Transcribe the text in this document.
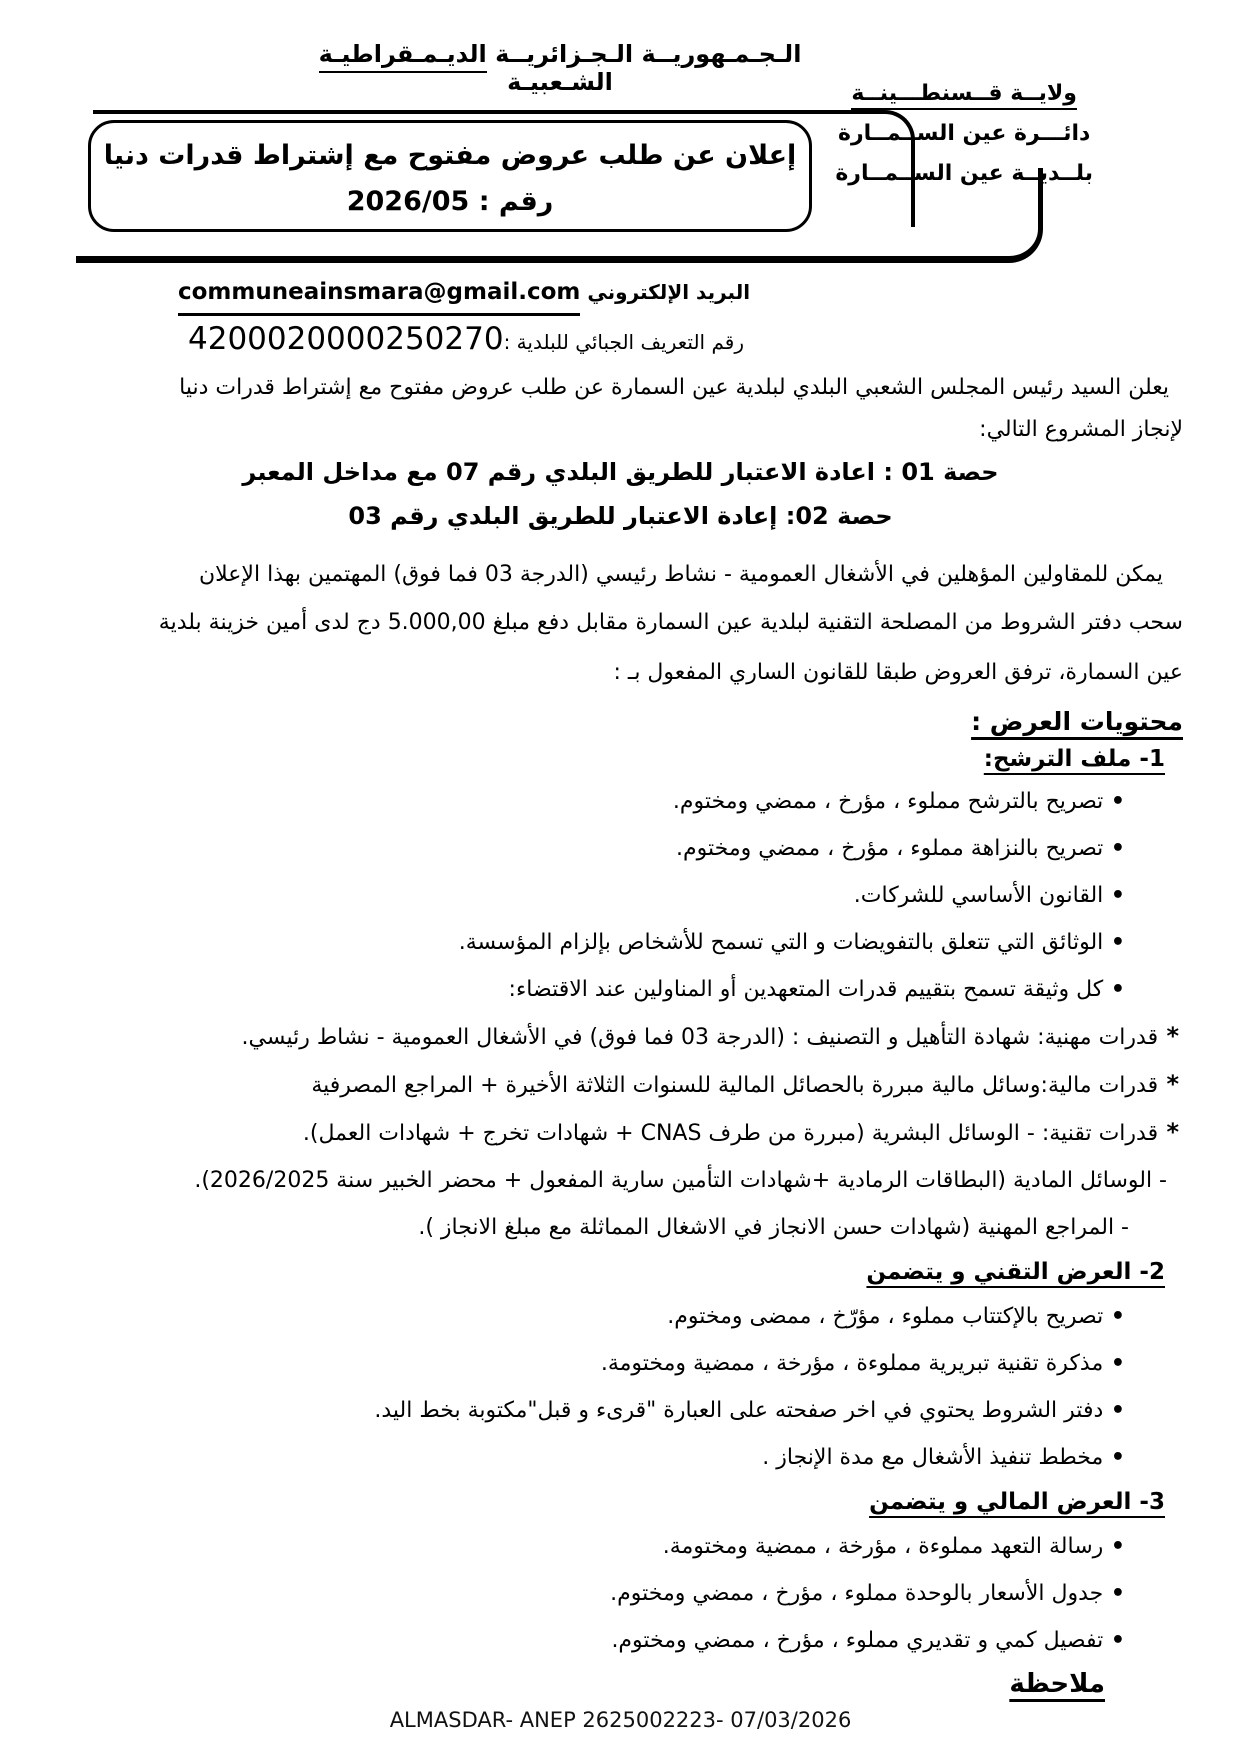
الـجـمـهوريــة الـجـزائريــة الديـمـقراطيـة الشـعبيـة	ولايــة قــسنطـــينــة
دائـــرة عين الســمــارة
بلــديــة عين الســمــارة
إعلان عن طلب عروض مفتوح مع إشتراط قدرات دنيا
رقم : 2026/05
البريد الإلكتروني communeainsmara@gmail.com
رقم التعريف الجبائي للبلدية :4200020000250270
يعلن السيد رئيس المجلس الشعبي البلدي لبلدية عين السمارة عن طلب عروض مفتوح مع إشتراط قدرات دنيا
لإنجاز المشروع التالي:
حصة 01 : اعادة الاعتبار للطريق البلدي رقم 07 مع مداخل المعبر
حصة 02: إعادة الاعتبار للطريق البلدي رقم 03
يمكن للمقاولين المؤهلين في الأشغال العمومية - نشاط رئيسي (الدرجة 03 فما فوق) المهتمين بهذا الإعلان
سحب دفتر الشروط من المصلحة التقنية لبلدية عين السمارة مقابل دفع مبلغ 5.000,00 دج لدى أمين خزينة بلدية
عين السمارة، ترفق العروض طبقا للقانون الساري المفعول بـ :
محتويات العرض :
1- ملف الترشح:
• تصريح بالترشح مملوء ، مؤرخ ، ممضي ومختوم.
• تصريح بالنزاهة مملوء ، مؤرخ ، ممضي ومختوم.
• القانون الأساسي للشركات.
• الوثائق التي تتعلق بالتفويضات و التي تسمح للأشخاص بإلزام المؤسسة.
• كل وثيقة تسمح بتقييم قدرات المتعهدين أو المناولين عند الاقتضاء:
* قدرات مهنية: شهادة التأهيل و التصنيف : (الدرجة 03 فما فوق) في الأشغال العمومية - نشاط رئيسي.
* قدرات مالية:وسائل مالية مبررة بالحصائل المالية للسنوات الثلاثة الأخيرة + المراجع المصرفية
* قدرات تقنية: - الوسائل البشرية (مبررة من طرف CNAS + شهادات تخرج + شهادات العمل).
- الوسائل المادية (البطاقات الرمادية +شهادات التأمين سارية المفعول + محضر الخبير سنة 2026/2025).
- المراجع المهنية (شهادات حسن الانجاز في الاشغال المماثلة مع مبلغ الانجاز ).
2- العرض التقني و يتضمن
• تصريح بالإكتتاب مملوء ، مؤرّخ ، ممضى ومختوم.
• مذكرة تقنية تبريرية مملوءة ، مؤرخة ، ممضية ومختومة.
• دفتر الشروط يحتوي في اخر صفحته على العبارة "قرىء و قبل"مكتوبة بخط اليد.
• مخطط تنفيذ الأشغال مع مدة الإنجاز .
3- العرض المالي و يتضمن
• رسالة التعهد مملوءة ، مؤرخة ، ممضية ومختومة.
• جدول الأسعار بالوحدة مملوء ، مؤرخ ، ممضي ومختوم.
• تفصيل كمي و تقديري مملوء ، مؤرخ ، ممضي ومختوم.
ملاحظة
ALMASDAR- ANEP 2625002223- 07/03/2026
